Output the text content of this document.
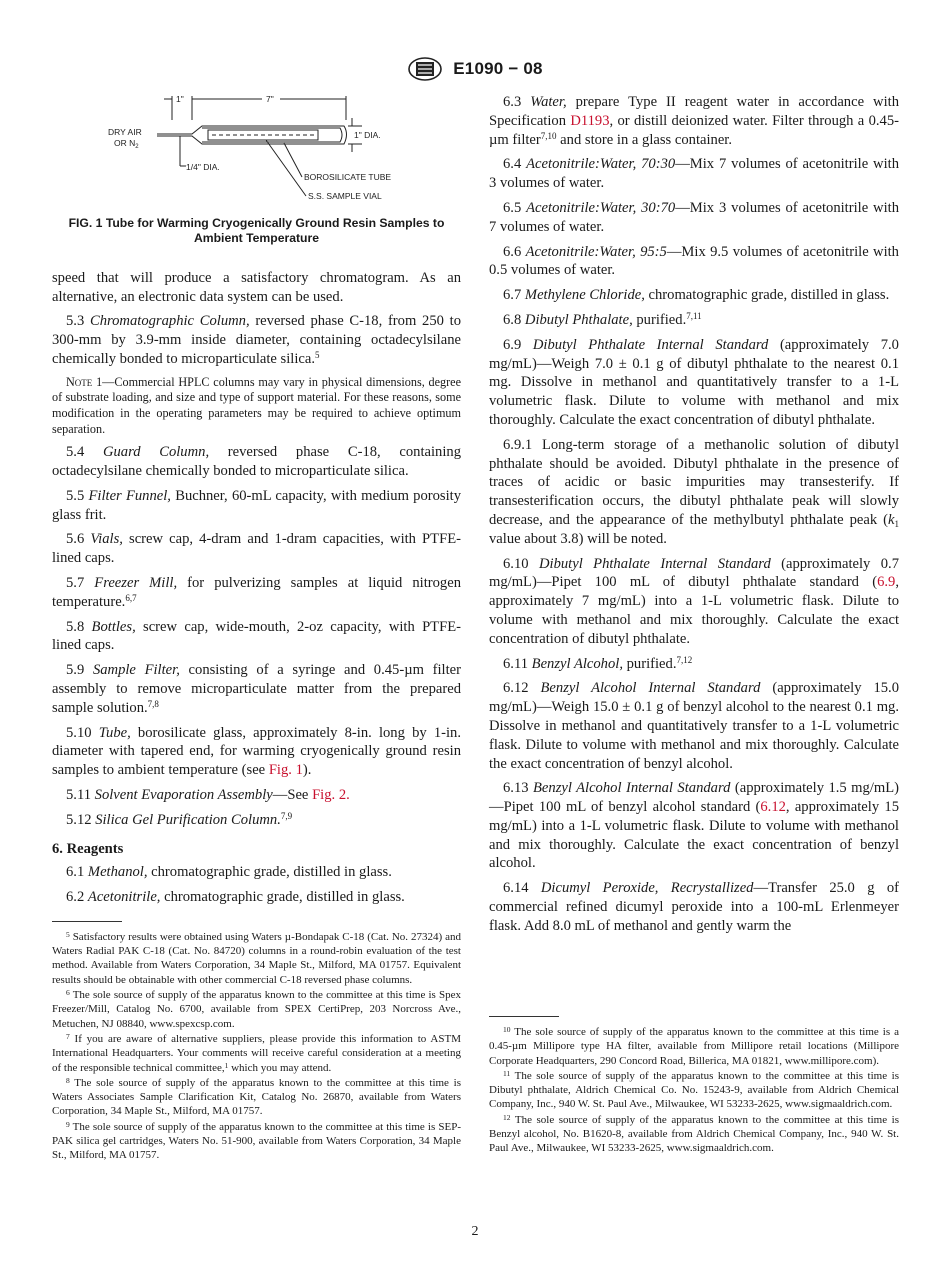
E1090 − 08
1"	7"
DRY AIR
OR $N_2$
1" DIA.
1/4" DIA.
BOROSILICATE TUBE
S.S. SAMPLE VIAL
FIG. 1 Tube for Warming Cryogenically Ground Resin Samples to Ambient Temperature

speed that will produce a satisfactory chromatogram. As an alternative, an electronic data system can be used.

5.3 Chromatographic Column, reversed phase C-18, from 250 to 300-mm by 3.9-mm inside diameter, containing octadecylsilane chemically bonded to microparticulate silica.$^5$

Note 1—Commercial HPLC columns may vary in physical dimensions, degree of substrate loading, and size and type of support material. For these reasons, some modification in the operating parameters may be required to achieve optimum separation.

5.4 Guard Column, reversed phase C-18, containing octadecylsilane chemically bonded to microparticulate silica.

5.5 Filter Funnel, Buchner, 60-mL capacity, with medium porosity glass frit.

5.6 Vials, screw cap, 4-dram and 1-dram capacities, with PTFE-lined caps.

5.7 Freezer Mill, for pulverizing samples at liquid nitrogen temperature.$^{6,7}$

5.8 Bottles, screw cap, wide-mouth, 2-oz capacity, with PTFE-lined caps.

5.9 Sample Filter, consisting of a syringe and 0.45-µm filter assembly to remove microparticulate matter from the prepared sample solution.$^{7,8}$

5.10 Tube, borosilicate glass, approximately 8-in. long by 1-in. diameter with tapered end, for warming cryogenically ground resin samples to ambient temperature (see Fig. 1).

5.11 Solvent Evaporation Assembly—See Fig. 2.

5.12 Silica Gel Purification Column.$^{7,9}$

6. Reagents

6.1 Methanol, chromatographic grade, distilled in glass.

6.2 Acetonitrile, chromatographic grade, distilled in glass.

$^5$ Satisfactory results were obtained using Waters µ-Bondapak C-18 (Cat. No. 27324) and Waters Radial PAK C-18 (Cat. No. 84720) columns in a round-robin evaluation of the test method. Available from Waters Corporation, 34 Maple St., Milford, MA 01757. Equivalent results should be obtainable with other commercial C-18 reversed phase columns.

$^6$ The sole source of supply of the apparatus known to the committee at this time is Spex Freezer/Mill, Catalog No. 6700, available from SPEX CertiPrep, 203 Norcross Ave., Metuchen, NJ 08840, www.spexcsp.com.

$^7$ If you are aware of alternative suppliers, please provide this information to ASTM International Headquarters. Your comments will receive careful consideration at a meeting of the responsible technical committee,$^1$ which you may attend.

$^8$ The sole source of supply of the apparatus known to the committee at this time is Waters Associates Sample Clarification Kit, Catalog No. 26870, available from Waters Corporation, 34 Maple St., Milford, MA 01757.

$^9$ The sole source of supply of the apparatus known to the committee at this time is SEP-PAK silica gel cartridges, Waters No. 51-900, available from Waters Corporation, 34 Maple St., Milford, MA 01757.

6.3 Water, prepare Type II reagent water in accordance with Specification D1193, or distill deionized water. Filter through a 0.45-µm filter$^{7,10}$ and store in a glass container.

6.4 Acetonitrile:Water, 70:30—Mix 7 volumes of acetonitrile with 3 volumes of water.

6.5 Acetonitrile:Water, 30:70—Mix 3 volumes of acetonitrile with 7 volumes of water.

6.6 Acetonitrile:Water, 95:5—Mix 9.5 volumes of acetonitrile with 0.5 volumes of water.

6.7 Methylene Chloride, chromatographic grade, distilled in glass.

6.8 Dibutyl Phthalate, purified.$^{7,11}$

6.9 Dibutyl Phthalate Internal Standard (approximately 7.0 mg/mL)—Weigh 7.0 ± 0.1 g of dibutyl phthalate to the nearest 0.1 mg. Dissolve in methanol and quantitatively transfer to a 1-L volumetric flask. Dilute to volume with methanol and mix thoroughly. Calculate the exact concentration of dibutyl phthalate.

6.9.1 Long-term storage of a methanolic solution of dibutyl phthalate should be avoided. Dibutyl phthalate in the presence of traces of acidic or basic impurities may transesterify. If transesterification occurs, the dibutyl phthalate peak will slowly decrease, and the appearance of the methylbutyl phthalate peak ($k_1$ value about 3.8) will be noted.

6.10 Dibutyl Phthalate Internal Standard (approximately 0.7 mg/mL)—Pipet 100 mL of dibutyl phthalate standard (6.9, approximately 7 mg/mL) into a 1-L volumetric flask. Dilute to volume with methanol and mix thoroughly. Calculate the exact concentration of dibutyl phthalate.

6.11 Benzyl Alcohol, purified.$^{7,12}$

6.12 Benzyl Alcohol Internal Standard (approximately 15.0 mg/mL)—Weigh 15.0 ± 0.1 g of benzyl alcohol to the nearest 0.1 mg. Dissolve in methanol and quantitatively transfer to a 1-L volumetric flask. Dilute to volume with methanol and mix thoroughly. Calculate the exact concentration of benzyl alcohol.

6.13 Benzyl Alcohol Internal Standard (approximately 1.5 mg/mL)—Pipet 100 mL of benzyl alcohol standard (6.12, approximately 15 mg/mL) into a 1-L volumetric flask. Dilute to volume with methanol and mix thoroughly. Calculate the exact concentration of benzyl alcohol.

6.14 Dicumyl Peroxide, Recrystallized—Transfer 25.0 g of commercial refined dicumyl peroxide into a 100-mL Erlenmeyer flask. Add 8.0 mL of methanol and gently warm the

$^{10}$ The sole source of supply of the apparatus known to the committee at this time is a 0.45-µm Millipore type HA filter, available from Millipore retail locations (Millipore Corporate Headquarters, 290 Concord Road, Billerica, MA 01821, www.millipore.com).

$^{11}$ The sole source of supply of the apparatus known to the committee at this time is Dibutyl phthalate, Aldrich Chemical Co. No. 15243-9, available from Aldrich Chemical Company, Inc., 940 W. St. Paul Ave., Milwaukee, WI 53233-2625, www.sigmaaldrich.com.

$^{12}$ The sole source of supply of the apparatus known to the committee at this time is Benzyl alcohol, No. B1620-8, available from Aldrich Chemical Company, Inc., 940 W. St. Paul Ave., Milwaukee, WI 53233-2625, www.sigmaaldrich.com.

2
